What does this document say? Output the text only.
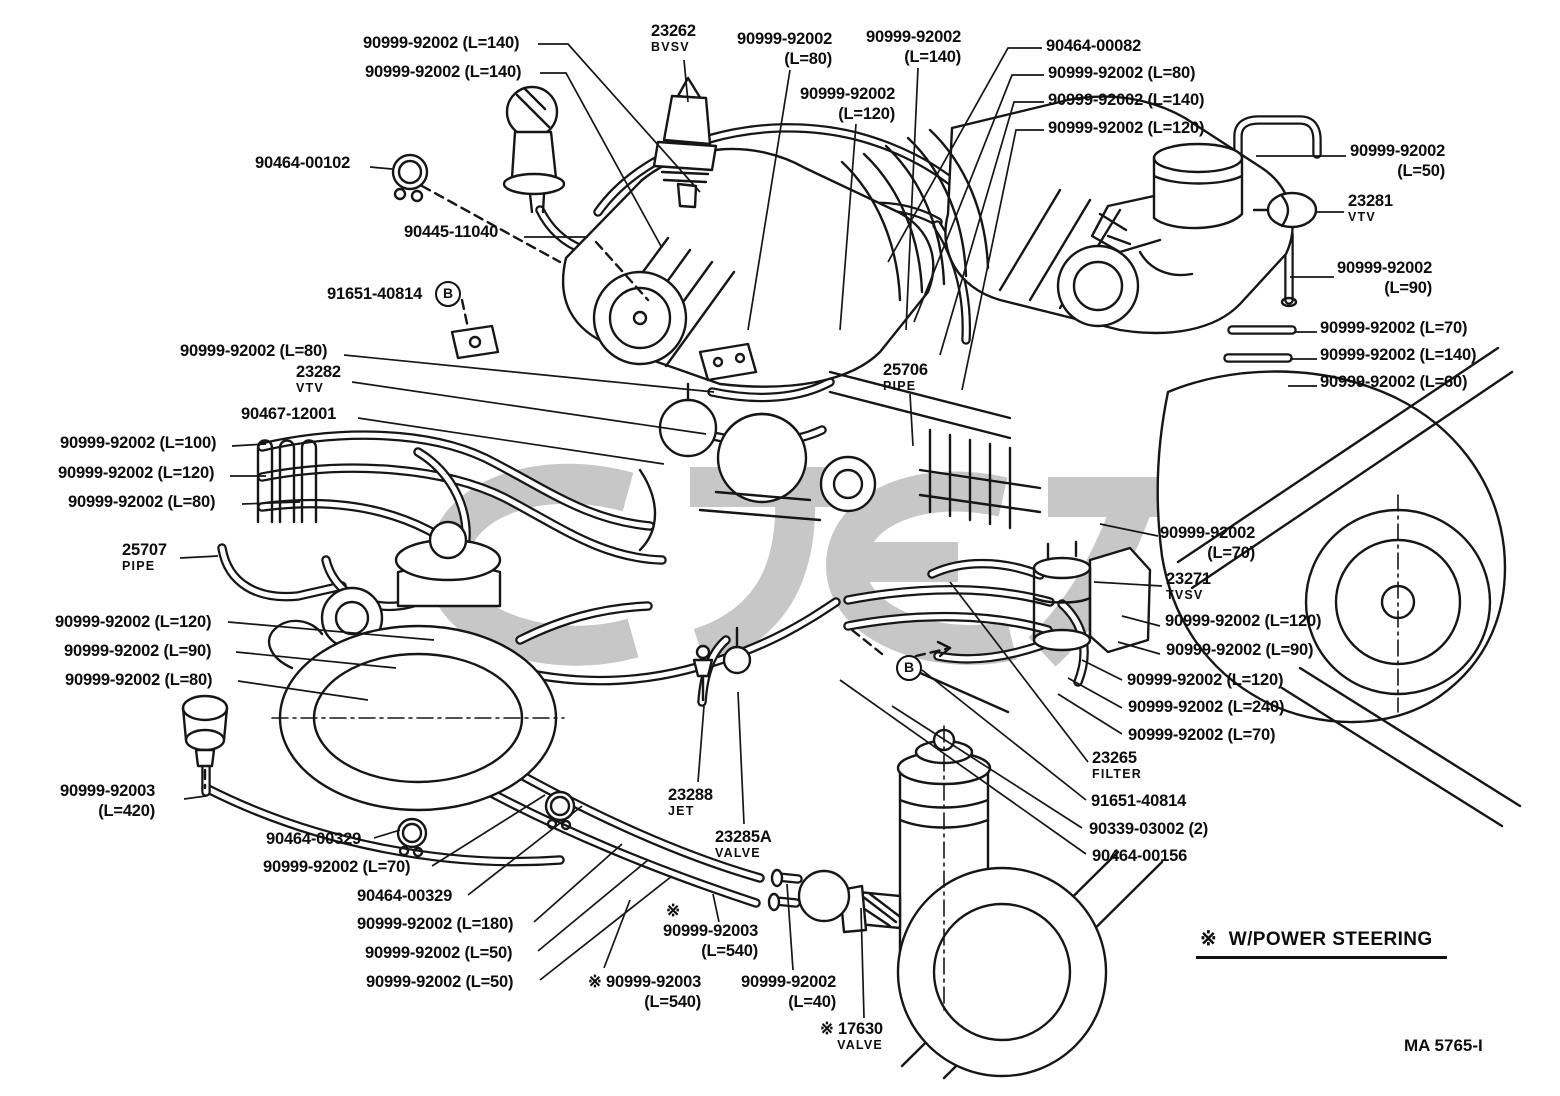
90999-92002 (L=140)
90999-92002 (L=140)
23262
BVSV	90999-92002
(L=80)
90999-92002
(L=140)
90999-92002
(L=120)
90464-00082
90999-92002 (L=80)
90999-92002 (L=140)
90999-92002 (L=120)
90999-92002
(L=50)
23281
VTV
90999-92002
(L=90)
90999-92002 (L=70)
90999-92002 (L=140)
90999-92002 (L=60)
90464-00102
90445-11040
91651-40814
90999-92002 (L=80)
23282
VTV
90467-12001
90999-92002 (L=100)
90999-92002 (L=120)
90999-92002 (L=80)
25707
PIPE
90999-92002 (L=120)
90999-92002 (L=90)
90999-92002 (L=80)
90999-92003
(L=420)
90464-00329
90999-92002 (L=70)
90464-00329
90999-92002 (L=180)
90999-92002 (L=50)
90999-92002 (L=50)
23288
JET
23285A
VALVE
※
90999-92003
(L=540)
※ 90999-92003
(L=540)
90999-92002
(L=40)
※ 17630
VALVE
25706
PIPE
90999-92002
(L=70)
23271
TVSV
90999-92002 (L=120)
90999-92002 (L=90)
90999-92002 (L=120)
90999-92002 (L=240)
90999-92002 (L=70)
23265
FILTER
91651-40814
90339-03002 (2)
90464-00156
B
B
※ W/POWER STEERING
MA 5765-I
